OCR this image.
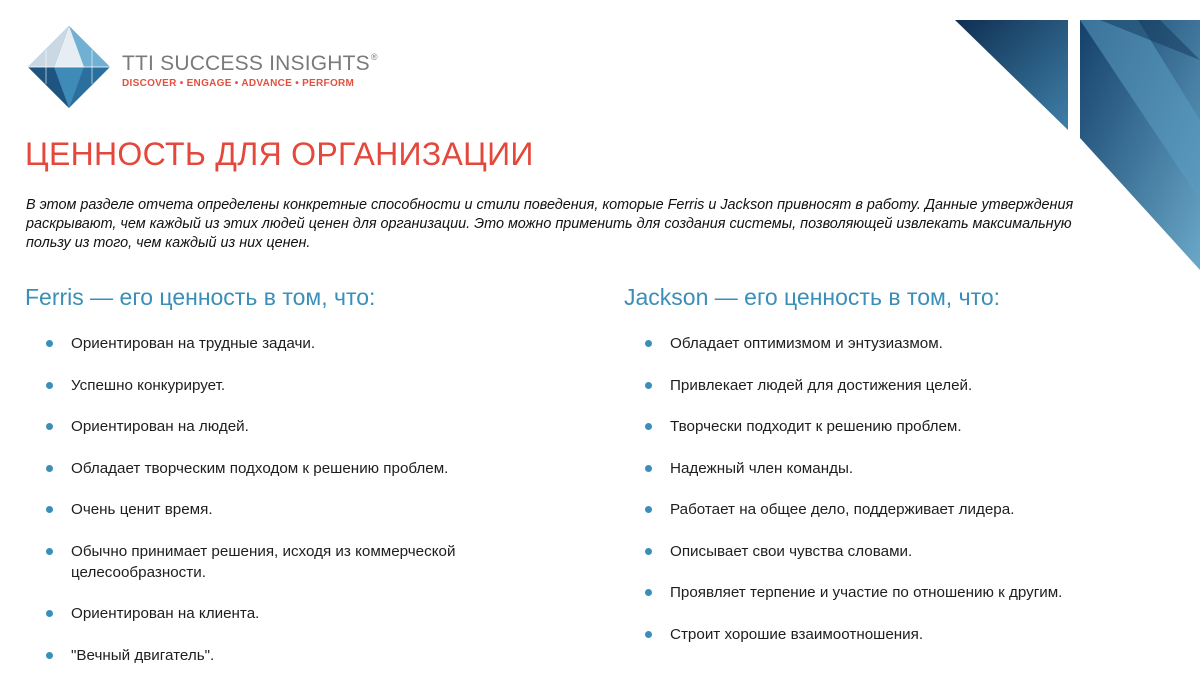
TTI SUCCESS INSIGHTS®
DISCOVER • ENGAGE • ADVANCE • PERFORM
ЦЕННОСТЬ ДЛЯ ОРГАНИЗАЦИИ

В этом разделе отчета определены конкретные способности и стили поведения, которые Ferris и Jackson привносят в работу. Данные утверждения раскрывают, чем каждый из этих людей ценен для организации. Это можно применить для создания системы, позволяющей извлекать максимальную пользу из того, чем каждый из них ценен.

Ferris — его ценность в том, что:
Ориентирован на трудные задачи.
Успешно конкурирует.
Ориентирован на людей.
Обладает творческим подходом к решению проблем.
Очень ценит время.
Обычно принимает решения, исходя из коммерческой целесообразности.
Ориентирован на клиента.
"Вечный двигатель".
Jackson — его ценность в том, что:
Обладает оптимизмом и энтузиазмом.
Привлекает людей для достижения целей.
Творчески подходит к решению проблем.
Надежный член команды.
Работает на общее дело, поддерживает лидера.
Описывает свои чувства словами.
Проявляет терпение и участие по отношению к другим.
Строит хорошие взаимоотношения.
